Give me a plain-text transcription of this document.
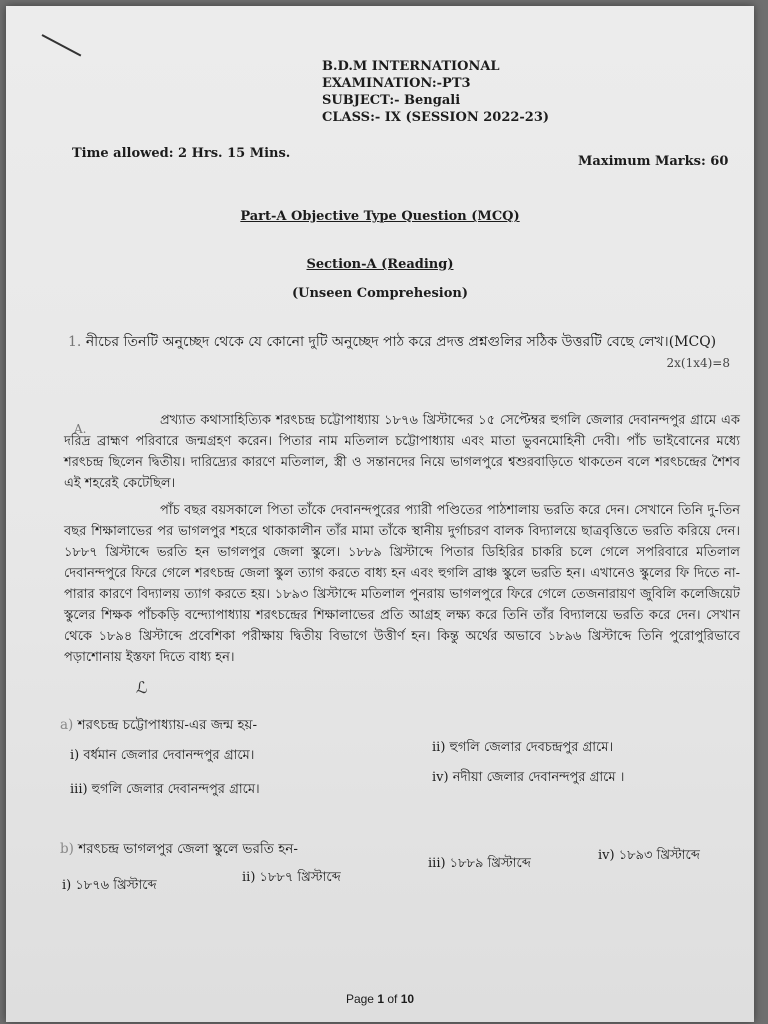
B.D.M INTERNATIONAL
EXAMINATION:-PT3
SUBJECT:- Bengali
CLASS:- IX (SESSION 2022-23)
Time allowed: 2 Hrs. 15 Mins.
Maximum Marks: 60
Part-A Objective Type Question (MCQ)
Section-A (Reading)
(Unseen Comprehesion)
1. নীচের তিনটি অনুচ্ছেদ থেকে যে কোনো দুটি অনুচ্ছেদ পাঠ করে প্রদত্ত প্রশ্নগুলির সঠিক উত্তরটি বেছে লেখ।(MCQ)
2x(1x4)=8
A.
প্রখ্যাত কথাসাহিত্যিক শরৎচন্দ্র চট্টোপাধ্যায় ১৮৭৬ খ্রিস্টাব্দের ১৫ সেপ্টেম্বর হুগলি জেলার দেবানন্দপুর গ্রামে এক দরিদ্র ব্রাহ্মণ পরিবারে জন্মগ্রহণ করেন। পিতার নাম মতিলাল চট্টোপাধ্যায় এবং মাতা ভুবনমোহিনী দেবী। পাঁচ ভাইবোনের মধ্যে শরৎচন্দ্র ছিলেন দ্বিতীয়। দারিদ্র্যের কারণে মতিলাল, স্ত্রী ও সন্তানদের নিয়ে ভাগলপুরে শ্বশুরবাড়িতে থাকতেন বলে শরৎচন্দ্রের শৈশব এই শহরেই কেটেছিল।
পাঁচ বছর বয়সকালে পিতা তাঁকে দেবানন্দপুরের প্যারী পণ্ডিতের পাঠশালায় ভরতি করে দেন। সেখানে তিনি দু-তিন বছর শিক্ষালাভের পর ভাগলপুর শহরে থাকাকালীন তাঁর মামা তাঁকে স্থানীয় দুর্গাচরণ বালক বিদ্যালয়ে ছাত্রবৃত্তিতে ভরতি করিয়ে দেন। ১৮৮৭ খ্রিস্টাব্দে ভরতি হন ভাগলপুর জেলা স্কুলে। ১৮৮৯ খ্রিস্টাব্দে পিতার ডিহিরির চাকরি চলে গেলে সপরিবারে মতিলাল দেবানন্দপুরে ফিরে গেলে শরৎচন্দ্র জেলা স্কুল ত্যাগ করতে বাধ্য হন এবং হুগলি ব্রাঞ্চ স্কুলে ভরতি হন। এখানেও স্কুলের ফি দিতে না-পারার কারণে বিদ্যালয় ত্যাগ করতে হয়। ১৮৯৩ খ্রিস্টাব্দে মতিলাল পুনরায় ভাগলপুরে ফিরে গেলে তেজনারায়ণ জুবিলি কলেজিয়েট স্কুলের শিক্ষক পাঁচকড়ি বন্দ্যোপাধ্যায় শরৎচন্দ্রের শিক্ষালাভের প্রতি আগ্রহ লক্ষ্য করে তিনি তাঁর বিদ্যালয়ে ভরতি করে দেন। সেখান থেকে ১৮৯৪ খ্রিস্টাব্দে প্রবেশিকা পরীক্ষায় দ্বিতীয় বিভাগে উত্তীর্ণ হন। কিন্তু অর্থের অভাবে ১৮৯৬ খ্রিস্টাব্দে তিনি পুরোপুরিভাবে পড়াশোনায় ইস্তফা দিতে বাধ্য হন।
ℒ
a) শরৎচন্দ্র চট্টোপাধ্যায়-এর জন্ম হয়-
i) বর্ধমান জেলার দেবানন্দপুর গ্রামে।
ii) হুগলি জেলার দেবচন্দ্রপুর গ্রামে।
iii) হুগলি জেলার দেবানন্দপুর গ্রামে।
iv) নদীয়া জেলার দেবানন্দপুর গ্রামে ।
b) শরৎচন্দ্র ভাগলপুর জেলা স্কুলে ভরতি হন-
i) ১৮৭৬ খ্রিস্টাব্দে
ii) ১৮৮৭ খ্রিস্টাব্দে
iii) ১৮৮৯ খ্রিস্টাব্দে
iv) ১৮৯৩ খ্রিস্টাব্দে
Page 1 of 10
